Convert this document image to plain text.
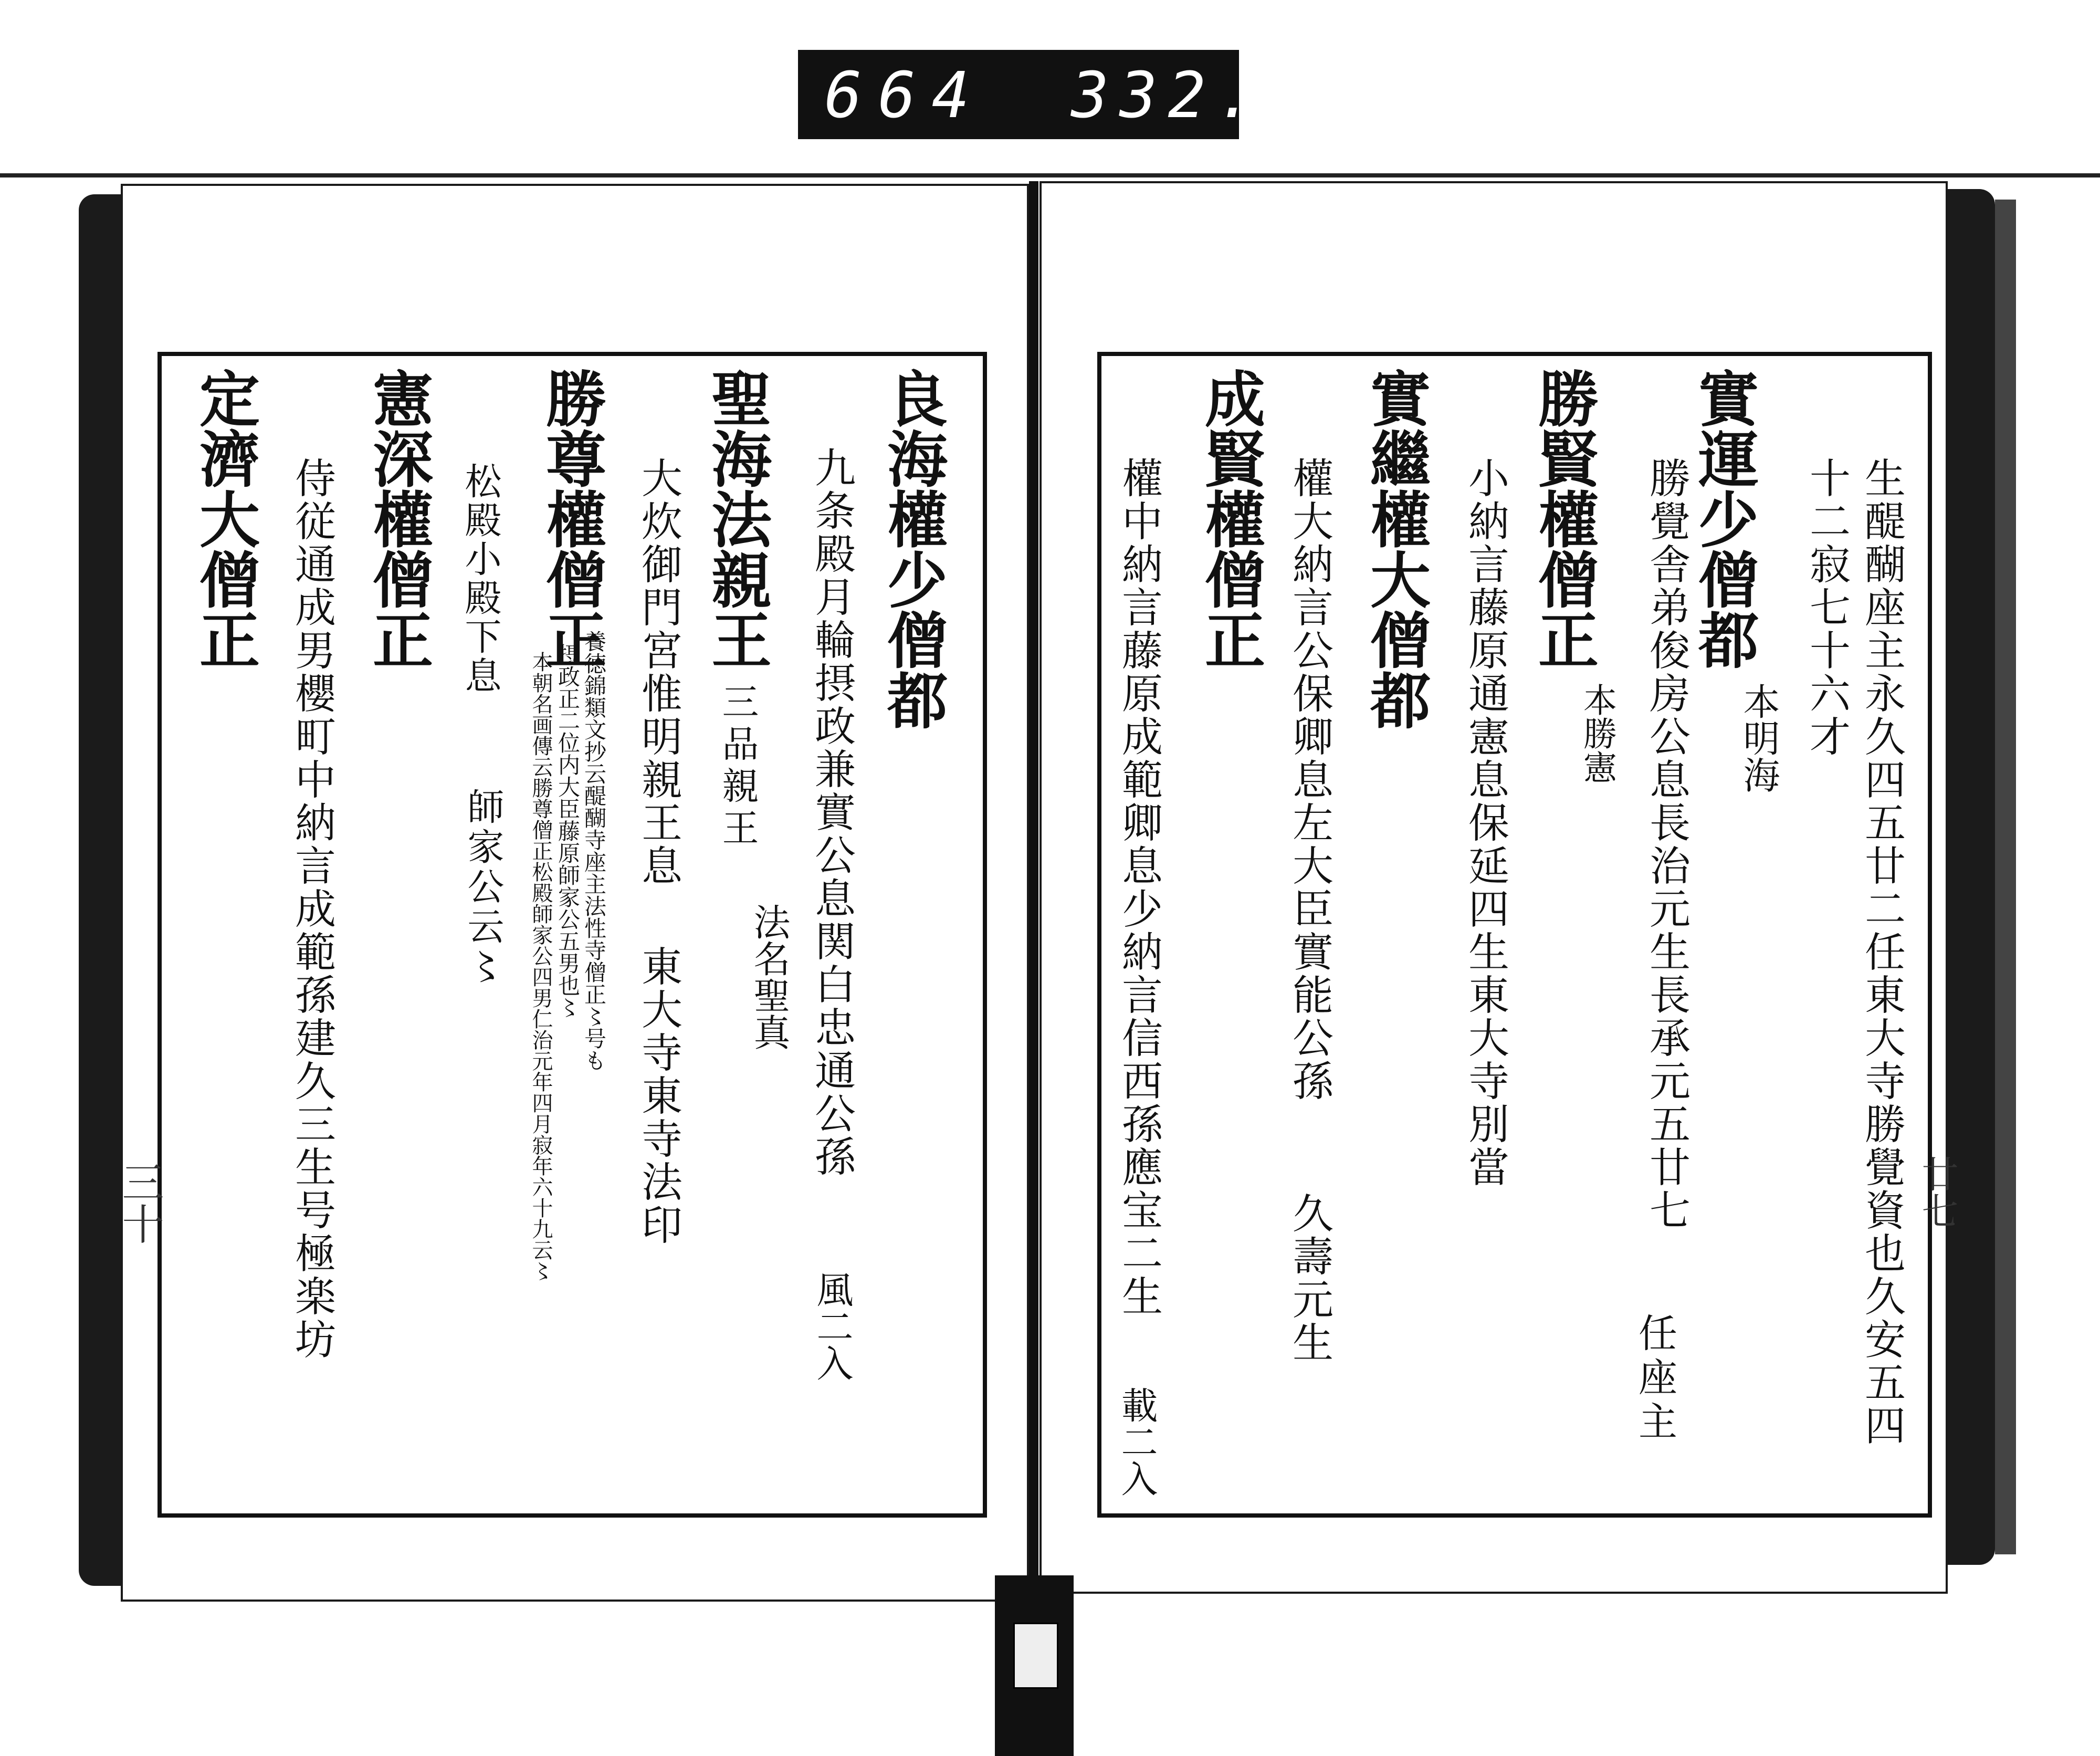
664 332.
三十	廿七
生醍醐座主永久四五廿二任東大寺勝覺資也久安五四
十二寂七十六才
實運少僧都
本明海
勝覺舎弟俊房公息長治元生長承元五廿七
任座主
勝賢權僧正
本勝憲
小納言藤原通憲息保延四生東大寺別當
實繼權大僧都
權大納言公保卿息左大臣實能公孫
久壽元生
成賢權僧正
權中納言藤原成範卿息少納言信西孫應宝二生
載二入
良海權少僧都
九条殿月輪摂政兼實公息関白忠通公孫
風二入
聖海法親王
三品親王
法名聖真
大炊御門宮惟明親王息
東大寺東寺法印
勝尊權僧正
養徳錦類文抄云醍醐寺座主法性寺僧正〻号も
摂政正二位内大臣藤原師家公五男也〻
本朝名画傳云勝尊僧正松殿師家公四男仁治元年四月寂年六十九云〻
松殿小殿下息
師家公云〻
憲深權僧正
侍従通成男櫻町中納言成範孫建久三生号極楽坊
定濟大僧正
